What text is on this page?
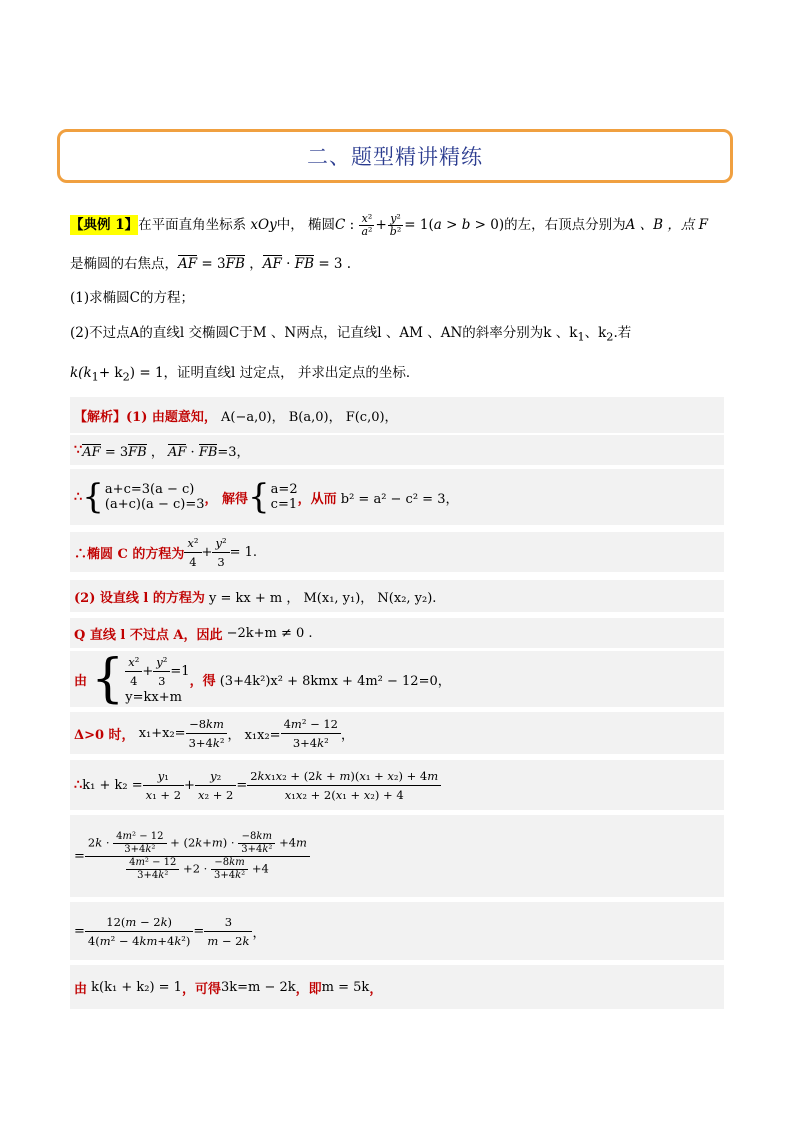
二、题型精讲精练
【典例 1】在平面直角坐标系 xOy中， 椭圆C : $\frac{\text{x²}}{\text{a²}} + \frac{\text{y²}}{\text{b²}} = 1(a > b > 0)$的左，右顶点分别为A 、B ，点 F
是椭圆的右焦点，AF = 3FB ，AF · FB = 3 .
(1)求椭圆C的方程；
(2)不过点A的直线l 交椭圆C于M 、N两点，记直线l 、AM 、AN的斜率分别为k 、$k_1$、$k_2$.若
$k(k_1+ k_2) = 1$，证明直线l 过定点， 并求出定点的坐标．
【解析】(1) 由题意知，
A(−a,0)， B(a,0)， F(c,0)，
∵ AF = 3FB ， AF · FB=3，
∴ { a+c=3(a − c)
(a+c)(a − c)=3 ， 解得 { a=2
c=1 ，从而
b² = a² − c² = 3，
∴椭圆 C 的方程为 $\frac{\text{x²}}{4} + \frac{\text{y²}}{3} = 1$.
(2) 设直线 l 的方程为
y = kx + m ， M(x₁, y₁)， N(x₂, y₂).
Q 直线 l 不过点 A，因此
−2k+m ≠ 0 .
由
{ $\frac{\text{x²}}{4} + \frac{\text{y²}}{3} =1$
y=kx+m
，得
(3+4k²)x² + 8kmx + 4m² − 12=0，
Δ>0 时，
$x_1+x_2= \frac{-8km}{\text{3+4k²}}$ ， $x_1x_2= \frac{\text{4m² − 12}}{\text{3+4k²}}$ ，
∴ $k_1 + k_2 = \frac{\text{y₁}}{\text{x₁ + 2}} + \frac{\text{y₂}}{\text{x₂ + 2}} = \frac{\text{2kx₁x₂ + (2k + m)(x₁ + x₂) + 4m}}{\text{x₁x₂ + 2(x₁ + x₂) + 4}}$
= $\frac{2k \cdot \frac{\text{4m² − 12}}{\text{3+4k²}} + (2k+m) \cdot \frac{-8km}{\text{3+4k²}} +4m}{\frac{\text{4m² − 12}}{\text{3+4k²}} +2 \cdot \frac{-8km}{\text{3+4k²}} +4}$
= $\frac{12(m - 2k)}{\text{4(m² − 4km+4k²)}} = \frac{3}{m - 2k}$ ，
由
k(k₁ + k₂) = 1 ，可得 3k=m − 2k ，即 m = 5k ，
